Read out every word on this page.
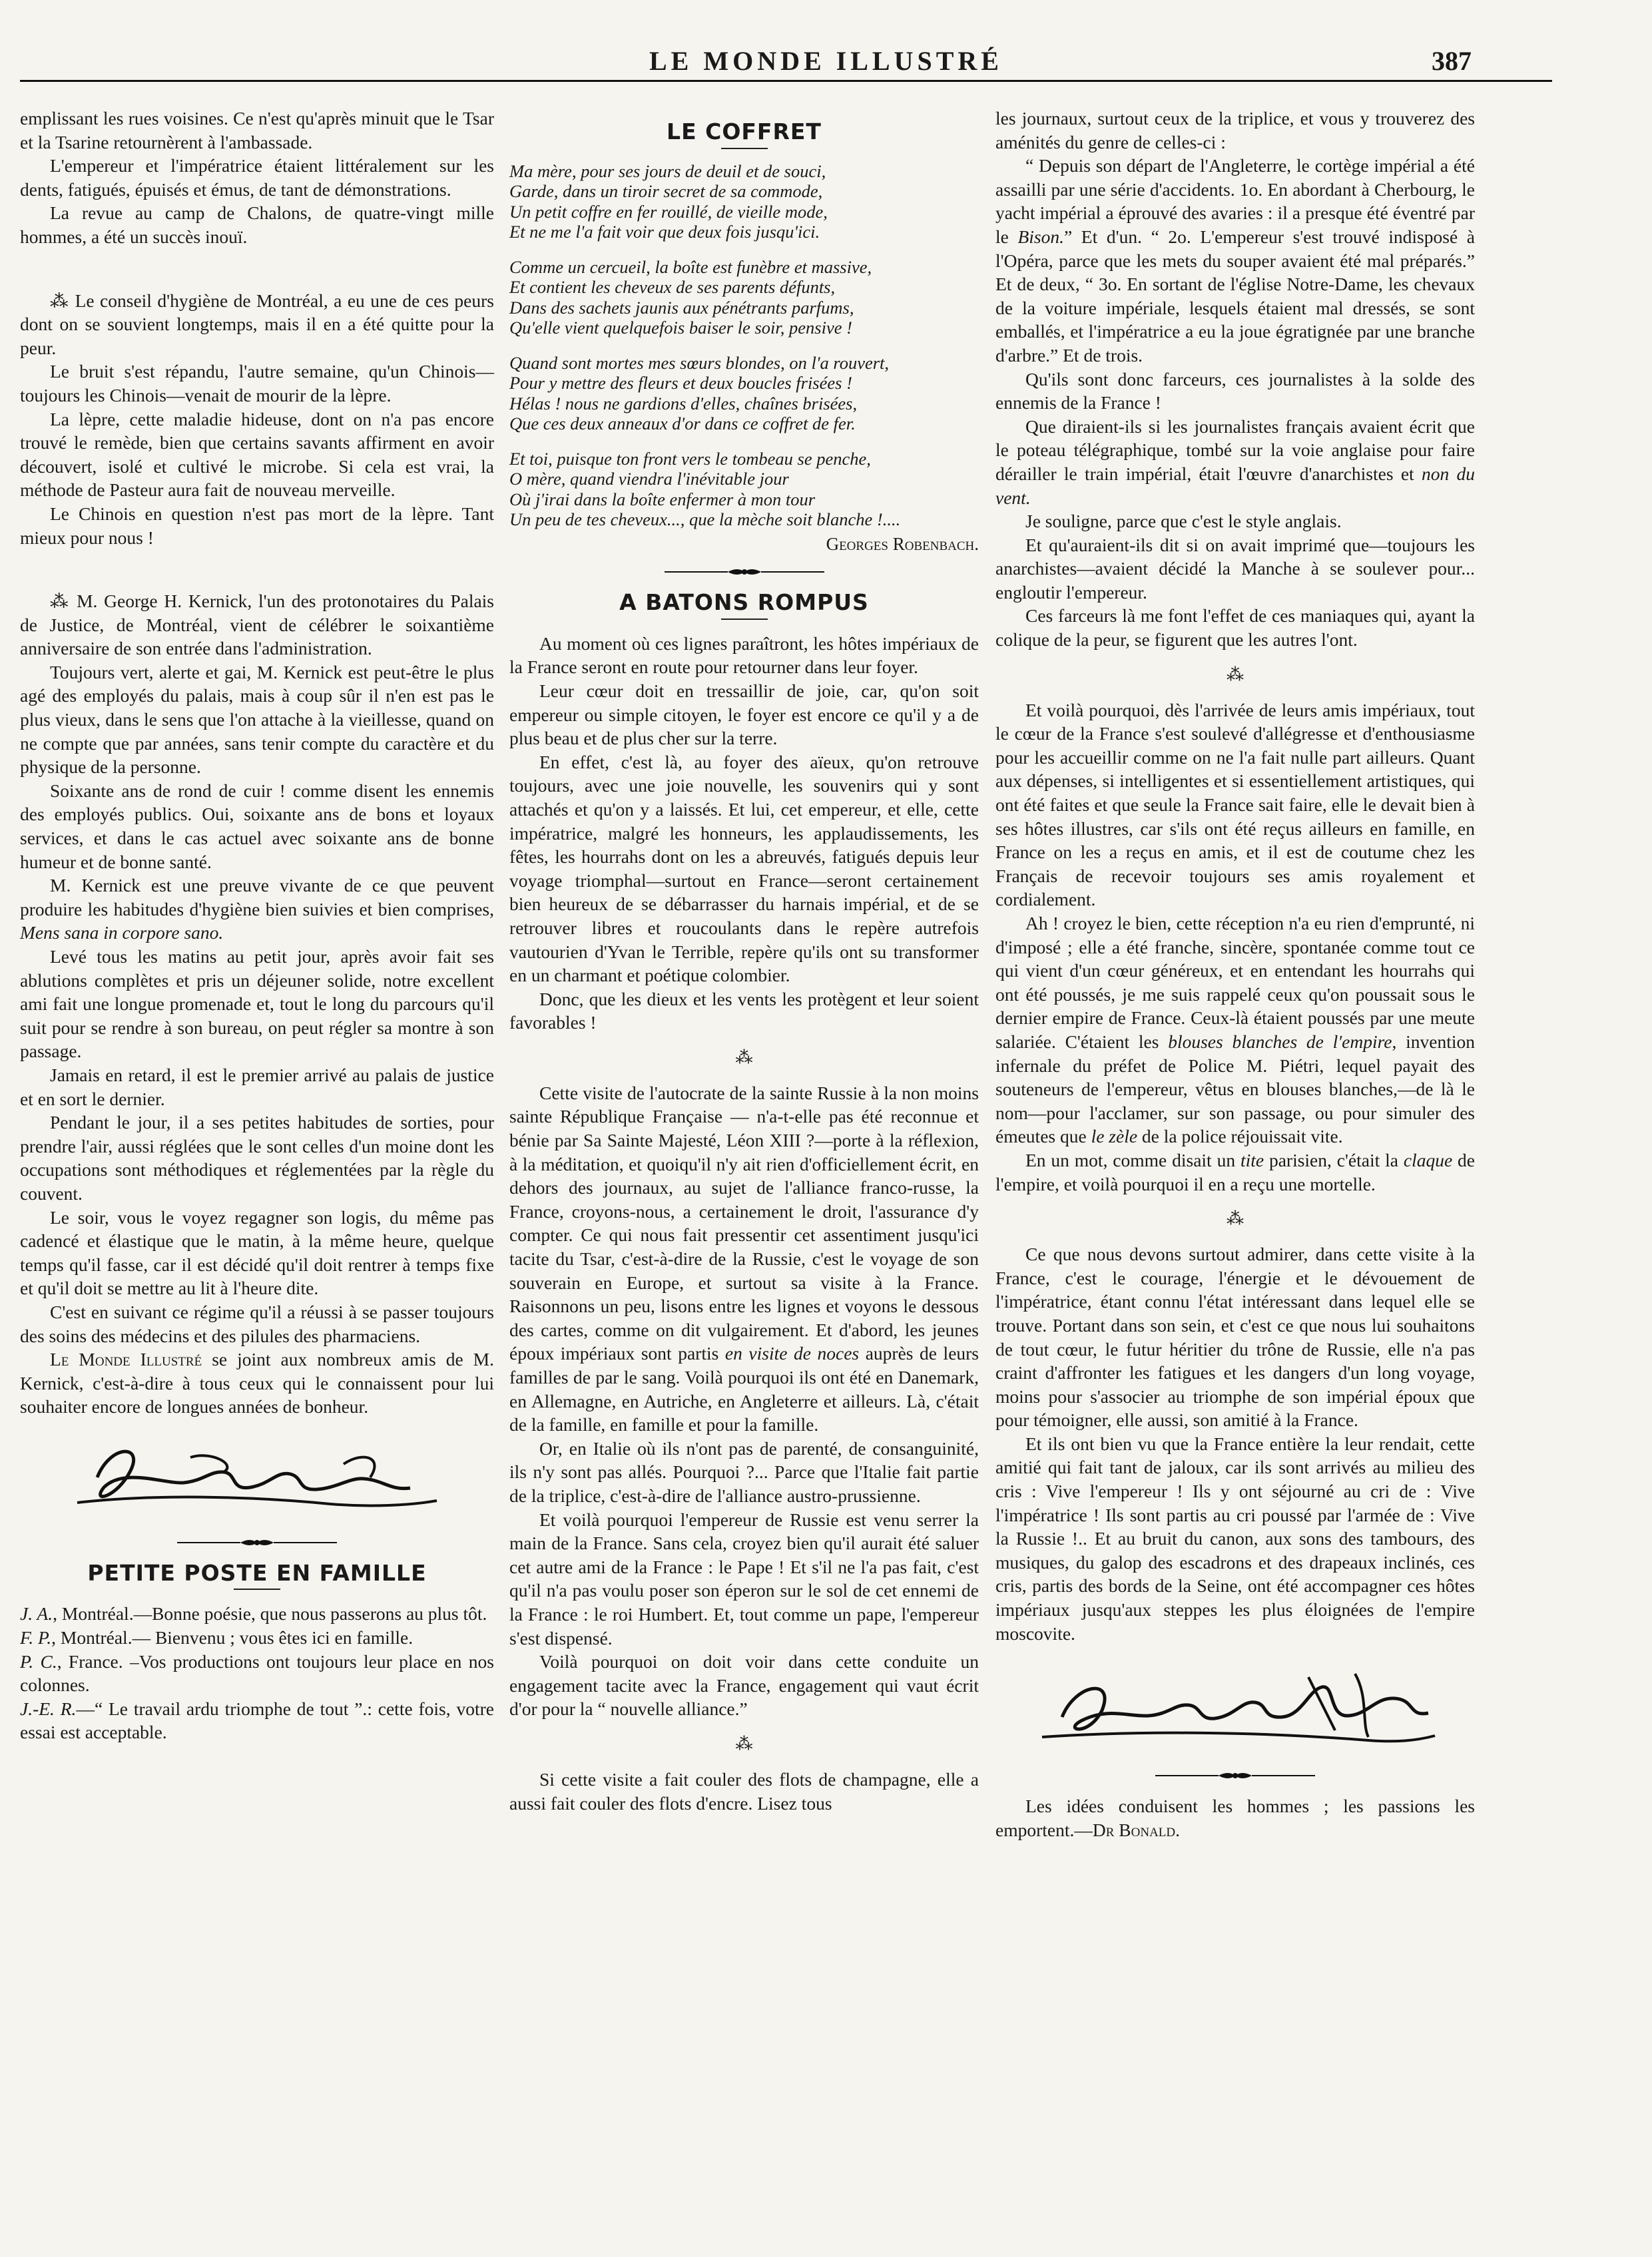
LE MONDE ILLUSTRÉ	387

emplissant les rues voisines. Ce n'est qu'après minuit que le Tsar et la Tsarine retournèrent à l'ambassade.

L'empereur et l'impératrice étaient littéralement sur les dents, fatigués, épuisés et émus, de tant de démonstrations.

La revue au camp de Chalons, de quatre-vingt mille hommes, a été un succès inouï.

⁂ Le conseil d'hygiène de Montréal, a eu une de ces peurs dont on se souvient longtemps, mais il en a été quitte pour la peur.

Le bruit s'est répandu, l'autre semaine, qu'un Chinois—toujours les Chinois—venait de mourir de la lèpre.

La lèpre, cette maladie hideuse, dont on n'a pas encore trouvé le remède, bien que certains savants affirment en avoir découvert, isolé et cultivé le microbe. Si cela est vrai, la méthode de Pasteur aura fait de nouveau merveille.

Le Chinois en question n'est pas mort de la lèpre. Tant mieux pour nous !

⁂ M. George H. Kernick, l'un des protonotaires du Palais de Justice, de Montréal, vient de célébrer le soixantième anniversaire de son entrée dans l'administration.

Toujours vert, alerte et gai, M. Kernick est peut-être le plus agé des employés du palais, mais à coup sûr il n'en est pas le plus vieux, dans le sens que l'on attache à la vieillesse, quand on ne compte que par années, sans tenir compte du caractère et du physique de la personne.

Soixante ans de rond de cuir ! comme disent les ennemis des employés publics. Oui, soixante ans de bons et loyaux services, et dans le cas actuel avec soixante ans de bonne humeur et de bonne santé.

M. Kernick est une preuve vivante de ce que peuvent produire les habitudes d'hygiène bien suivies et bien comprises, Mens sana in corpore sano.

Levé tous les matins au petit jour, après avoir fait ses ablutions complètes et pris un déjeuner solide, notre excellent ami fait une longue promenade et, tout le long du parcours qu'il suit pour se rendre à son bureau, on peut régler sa montre à son passage.

Jamais en retard, il est le premier arrivé au palais de justice et en sort le dernier.

Pendant le jour, il a ses petites habitudes de sorties, pour prendre l'air, aussi réglées que le sont celles d'un moine dont les occupations sont méthodiques et réglementées par la règle du couvent.

Le soir, vous le voyez regagner son logis, du même pas cadencé et élastique que le matin, à la même heure, quelque temps qu'il fasse, car il est décidé qu'il doit rentrer à temps fixe et qu'il doit se mettre au lit à l'heure dite.

C'est en suivant ce régime qu'il a réussi à se passer toujours des soins des médecins et des pilules des pharmaciens.

Le Monde Illustré se joint aux nombreux amis de M. Kernick, c'est-à-dire à tous ceux qui le connaissent pour lui souhaiter encore de longues années de bonheur.

PETITE POSTE EN FAMILLE

J. A., Montréal.—Bonne poésie, que nous passerons au plus tôt.

F. P., Montréal.— Bienvenu ; vous êtes ici en famille.

P. C., France. –Vos productions ont toujours leur place en nos colonnes.

J.-E. R.—“ Le travail ardu triomphe de tout ”.: cette fois, votre essai est acceptable.

LE COFFRET
Ma mère, pour ses jours de deuil et de souci,
Garde, dans un tiroir secret de sa commode,
Un petit coffre en fer rouillé, de vieille mode,
Et ne me l'a fait voir que deux fois jusqu'ici.
Comme un cercueil, la boîte est funèbre et massive,
Et contient les cheveux de ses parents défunts,
Dans des sachets jaunis aux pénétrants parfums,
Qu'elle vient quelquefois baiser le soir, pensive !
Quand sont mortes mes sœurs blondes, on l'a rouvert,
Pour y mettre des fleurs et deux boucles frisées !
Hélas ! nous ne gardions d'elles, chaînes brisées,
Que ces deux anneaux d'or dans ce coffret de fer.
Et toi, puisque ton front vers le tombeau se penche,
O mère, quand viendra l'inévitable jour
Où j'irai dans la boîte enfermer à mon tour
Un peu de tes cheveux..., que la mèche soit blanche !....
Georges Robenbach.
A BATONS ROMPUS

Au moment où ces lignes paraîtront, les hôtes impériaux de la France seront en route pour retourner dans leur foyer.

Leur cœur doit en tressaillir de joie, car, qu'on soit empereur ou simple citoyen, le foyer est encore ce qu'il y a de plus beau et de plus cher sur la terre.

En effet, c'est là, au foyer des aïeux, qu'on retrouve toujours, avec une joie nouvelle, les souvenirs qui y sont attachés et qu'on y a laissés. Et lui, cet empereur, et elle, cette impératrice, malgré les honneurs, les applaudissements, les fêtes, les hourrahs dont on les a abreuvés, fatigués depuis leur voyage triomphal—surtout en France—seront certainement bien heureux de se débarrasser du harnais impérial, et de se retrouver libres et roucoulants dans le repère autrefois vautourien d'Yvan le Terrible, repère qu'ils ont su transformer en un charmant et poétique colombier.

Donc, que les dieux et les vents les protègent et leur soient favorables !

⁂

Cette visite de l'autocrate de la sainte Russie à la non moins sainte République Française — n'a-t-elle pas été reconnue et bénie par Sa Sainte Majesté, Léon XIII ?—porte à la réflexion, à la méditation, et quoiqu'il n'y ait rien d'officiellement écrit, en dehors des journaux, au sujet de l'alliance franco-russe, la France, croyons-nous, a certainement le droit, l'assurance d'y compter. Ce qui nous fait pressentir cet assentiment jusqu'ici tacite du Tsar, c'est-à-dire de la Russie, c'est le voyage de son souverain en Europe, et surtout sa visite à la France. Raisonnons un peu, lisons entre les lignes et voyons le dessous des cartes, comme on dit vulgairement. Et d'abord, les jeunes époux impériaux sont partis en visite de noces auprès de leurs familles de par le sang. Voilà pourquoi ils ont été en Danemark, en Allemagne, en Autriche, en Angleterre et ailleurs. Là, c'était de la famille, en famille et pour la famille.

Or, en Italie où ils n'ont pas de parenté, de consanguinité, ils n'y sont pas allés. Pourquoi ?... Parce que l'Italie fait partie de la triplice, c'est-à-dire de l'alliance austro-prussienne.

Et voilà pourquoi l'empereur de Russie est venu serrer la main de la France. Sans cela, croyez bien qu'il aurait été saluer cet autre ami de la France : le Pape ! Et s'il ne l'a pas fait, c'est qu'il n'a pas voulu poser son éperon sur le sol de cet ennemi de la France : le roi Humbert. Et, tout comme un pape, l'empereur s'est dispensé.

Voilà pourquoi on doit voir dans cette conduite un engagement tacite avec la France, engagement qui vaut écrit d'or pour la “ nouvelle alliance.”

⁂

Si cette visite a fait couler des flots de champagne, elle a aussi fait couler des flots d'encre. Lisez tous

les journaux, surtout ceux de la triplice, et vous y trouverez des aménités du genre de celles-ci :

“ Depuis son départ de l'Angleterre, le cortège impérial a été assailli par une série d'accidents. 1o. En abordant à Cherbourg, le yacht impérial a éprouvé des avaries : il a presque été éventré par le Bison.” Et d'un. “ 2o. L'empereur s'est trouvé indisposé à l'Opéra, parce que les mets du souper avaient été mal préparés.” Et de deux, “ 3o. En sortant de l'église Notre-Dame, les chevaux de la voiture impériale, lesquels étaient mal dressés, se sont emballés, et l'impératrice a eu la joue égratignée par une branche d'arbre.” Et de trois.

Qu'ils sont donc farceurs, ces journalistes à la solde des ennemis de la France !

Que diraient-ils si les journalistes français avaient écrit que le poteau télégraphique, tombé sur la voie anglaise pour faire dérailler le train impérial, était l'œuvre d'anarchistes et non du vent.

Je souligne, parce que c'est le style anglais.

Et qu'auraient-ils dit si on avait imprimé que—toujours les anarchistes—avaient décidé la Manche à se soulever pour... engloutir l'empereur.

Ces farceurs là me font l'effet de ces maniaques qui, ayant la colique de la peur, se figurent que les autres l'ont.

⁂

Et voilà pourquoi, dès l'arrivée de leurs amis impériaux, tout le cœur de la France s'est soulevé d'allégresse et d'enthousiasme pour les accueillir comme on ne l'a fait nulle part ailleurs. Quant aux dépenses, si intelligentes et si essentiellement artistiques, qui ont été faites et que seule la France sait faire, elle le devait bien à ses hôtes illustres, car s'ils ont été reçus ailleurs en famille, en France on les a reçus en amis, et il est de coutume chez les Français de recevoir toujours ses amis royalement et cordialement.

Ah ! croyez le bien, cette réception n'a eu rien d'emprunté, ni d'imposé ; elle a été franche, sincère, spontanée comme tout ce qui vient d'un cœur généreux, et en entendant les hourrahs qui ont été poussés, je me suis rappelé ceux qu'on poussait sous le dernier empire de France. Ceux-là étaient poussés par une meute salariée. C'étaient les blouses blanches de l'empire, invention infernale du préfet de Police M. Piétri, lequel payait des souteneurs de l'empereur, vêtus en blouses blanches,—de là le nom—pour l'acclamer, sur son passage, ou pour simuler des émeutes que le zèle de la police réjouissait vite.

En un mot, comme disait un tite parisien, c'était la claque de l'empire, et voilà pourquoi il en a reçu une mortelle.

⁂

Ce que nous devons surtout admirer, dans cette visite à la France, c'est le courage, l'énergie et le dévouement de l'impératrice, étant connu l'état intéressant dans lequel elle se trouve. Portant dans son sein, et c'est ce que nous lui souhaitons de tout cœur, le futur héritier du trône de Russie, elle n'a pas craint d'affronter les fatigues et les dangers d'un long voyage, moins pour s'associer au triomphe de son impérial époux que pour témoigner, elle aussi, son amitié à la France.

Et ils ont bien vu que la France entière la leur rendait, cette amitié qui fait tant de jaloux, car ils sont arrivés au milieu des cris : Vive l'empereur ! Ils y ont séjourné au cri de : Vive l'impératrice ! Ils sont partis au cri poussé par l'armée de : Vive la Russie !.. Et au bruit du canon, aux sons des tambours, des musiques, du galop des escadrons et des drapeaux inclinés, ces cris, partis des bords de la Seine, ont été accompagner ces hôtes impériaux jusqu'aux steppes les plus éloignées de l'empire moscovite.

Les idées conduisent les hommes ; les passions les emportent.—Dr Bonald.
